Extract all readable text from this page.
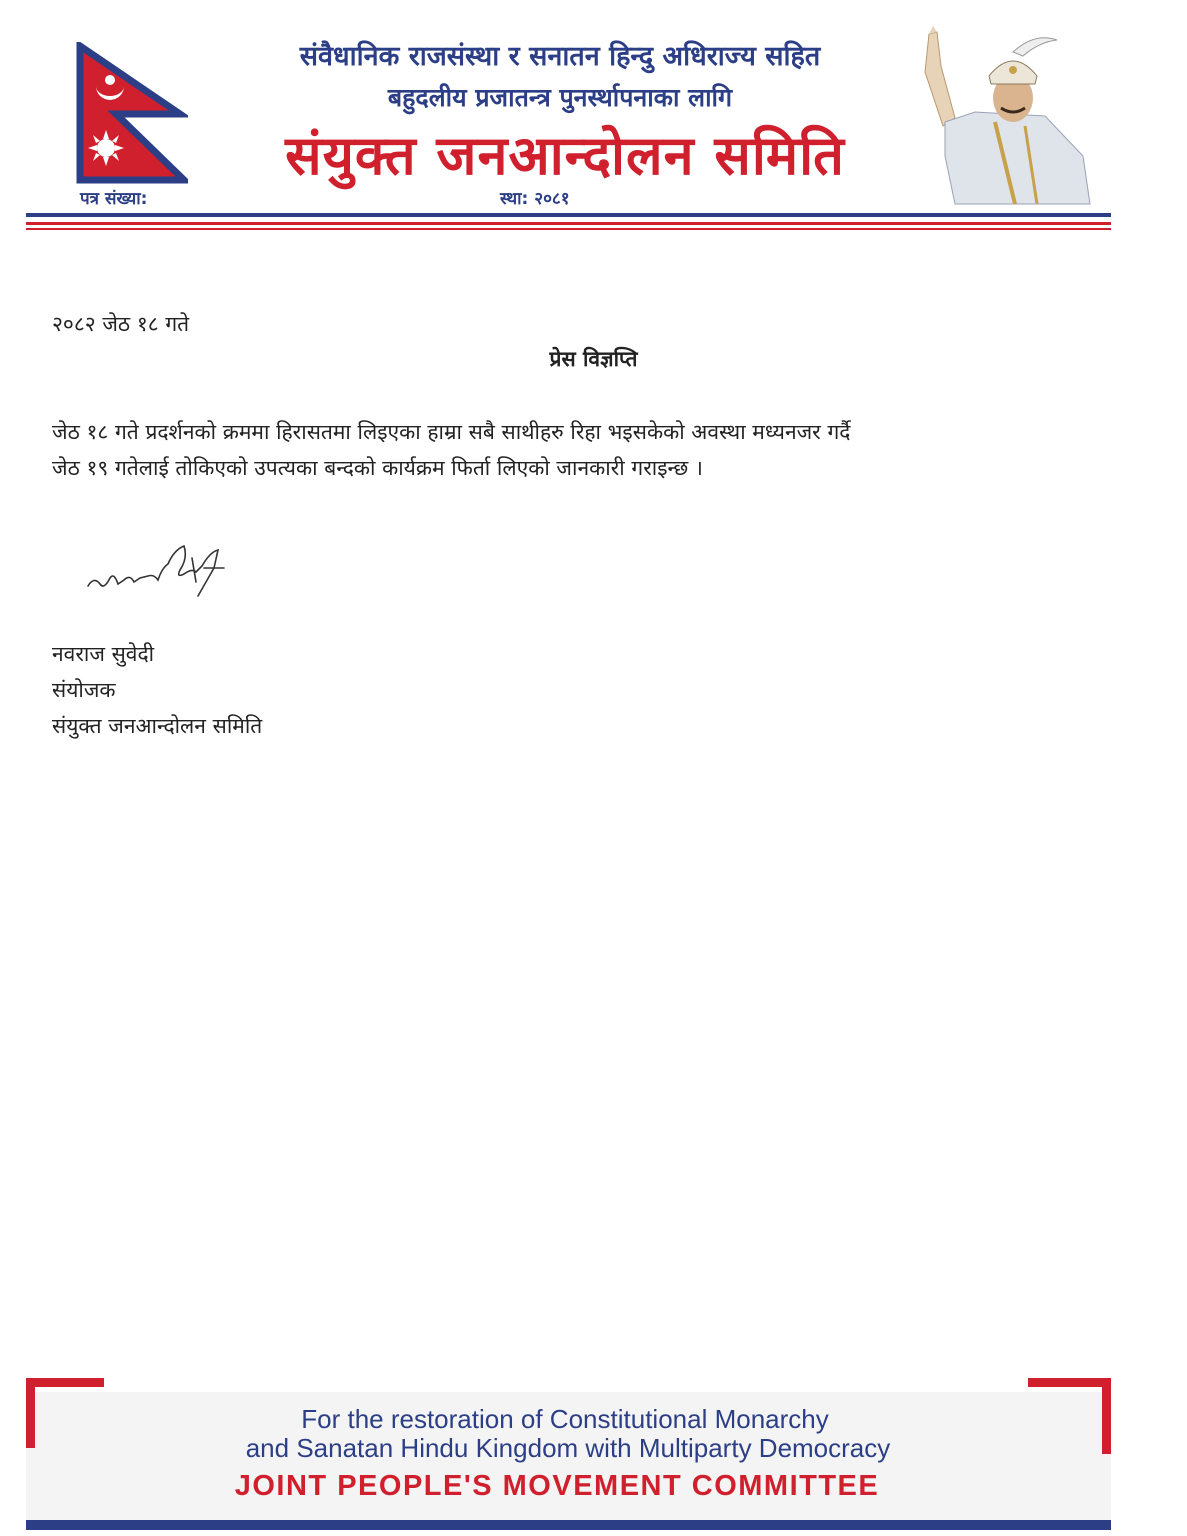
संवैधानिक राजसंस्था र सनातन हिन्दु अधिराज्य सहित
बहुदलीय प्रजातन्त्र पुनर्स्थापनाका लागि
संयुक्त जनआन्दोलन समिति
पत्र संख्या:	स्था: २०८१
२०८२ जेठ १८ गते
प्रेस विज्ञप्ति
जेठ १८ गते प्रदर्शनको क्रममा हिरासतमा लिइएका हाम्रा सबै साथीहरु रिहा भइसकेको अवस्था मध्यनजर गर्दै
जेठ १९ गतेलाई तोकिएको उपत्यका बन्दको कार्यक्रम फिर्ता लिएको जानकारी गराइन्छ ।
नवराज सुवेदी
संयोजक
संयुक्त जनआन्दोलन समिति
For the restoration of Constitutional Monarchy
and Sanatan Hindu Kingdom with Multiparty Democracy
JOINT PEOPLE'S MOVEMENT COMMITTEE
